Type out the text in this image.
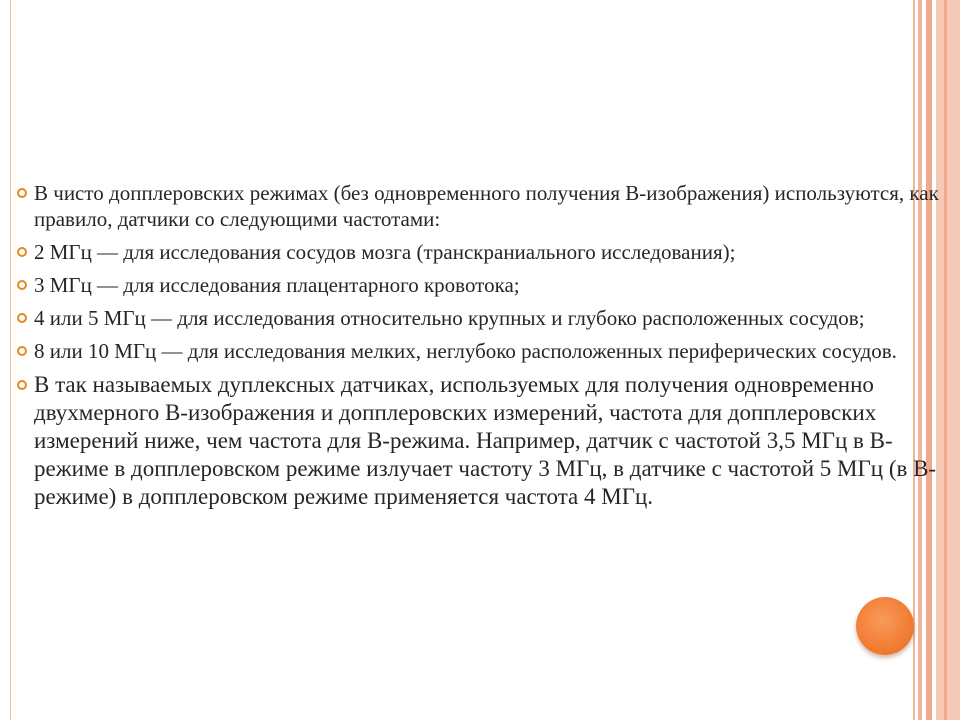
В чисто допплеровских режимах (без одновременного получения B-изображения) используются, как правило, датчики со следующими частотами:
2 МГц — для исследования сосудов мозга (транскраниального исследования);
3 МГц — для исследования плацентарного кровотока;
4 или 5 МГц — для исследования относительно крупных и глубоко расположенных сосудов;
8 или 10 МГц — для исследования мелких, неглубоко расположенных периферических сосудов.
В так называемых дуплексных датчиках, используемых для получения одновременно двухмерного B-изображения и допплеровских измерений, частота для допплеровских измерений ниже, чем частота для B-режима. Например, датчик с частотой 3,5 МГц в B-режиме в допплеровском режиме излучает частоту 3 МГц, в датчике с частотой 5 МГц (в B-режиме) в допплеровском режиме применяется частота 4 МГц.
